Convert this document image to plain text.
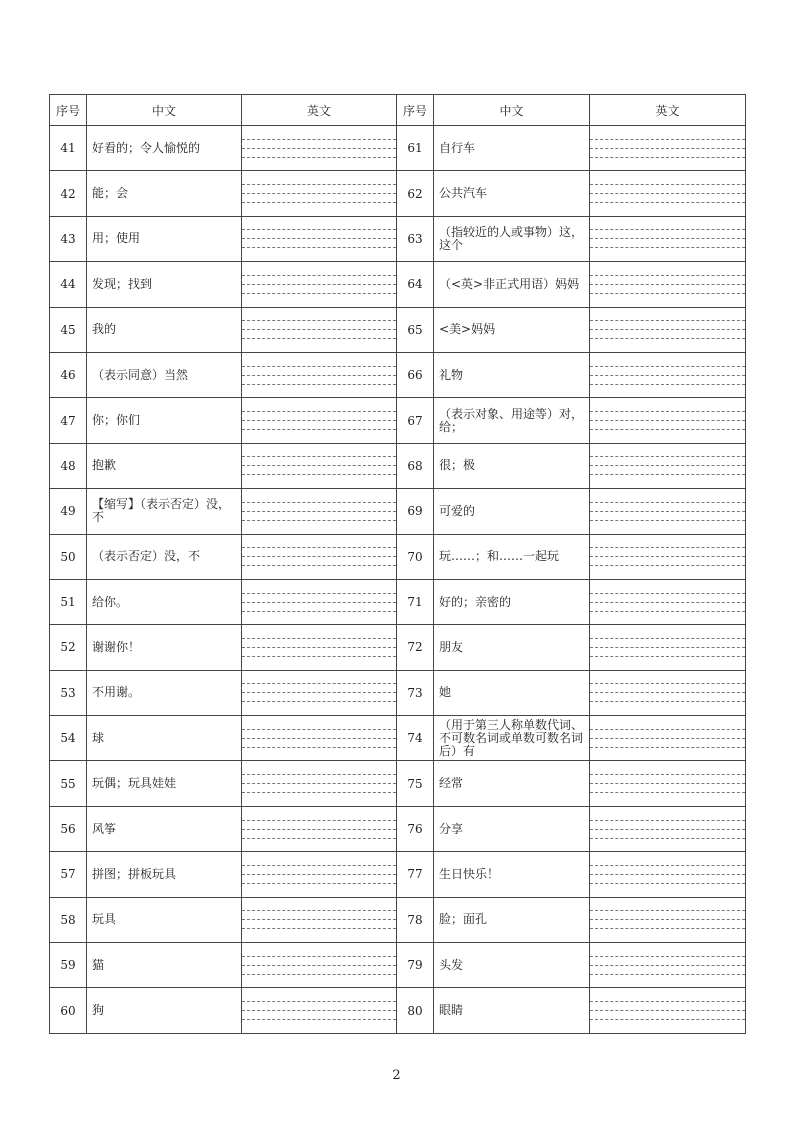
序号	中文	英文	序号	中文	英文
41	好看的；令人愉悦的		61	自行车	

42	能；会		62	公共汽车	

43	用；使用		63	（指较近的人或事物）这，这个	

44	发现；找到		64	（<英>非正式用语）妈妈	

45	我的		65	<美>妈妈	

46	（表示同意）当然		66	礼物	

47	你；你们		67	（表示对象、用途等）对，给；	

48	抱歉		68	很；极	

49	【缩写】（表示否定）没，不		69	可爱的	

50	（表示否定）没，不		70	玩……；和……一起玩	

51	给你。		71	好的；亲密的	

52	谢谢你！		72	朋友	

53	不用谢。		73	她	

54	球		74	（用于第三人称单数代词、不可数名词或单数可数名词后）有	

55	玩偶；玩具娃娃		75	经常	

56	风筝		76	分享	

57	拼图；拼板玩具		77	生日快乐！	

58	玩具		78	脸；面孔	

59	猫		79	头发	

60	狗		80	眼睛	
2
